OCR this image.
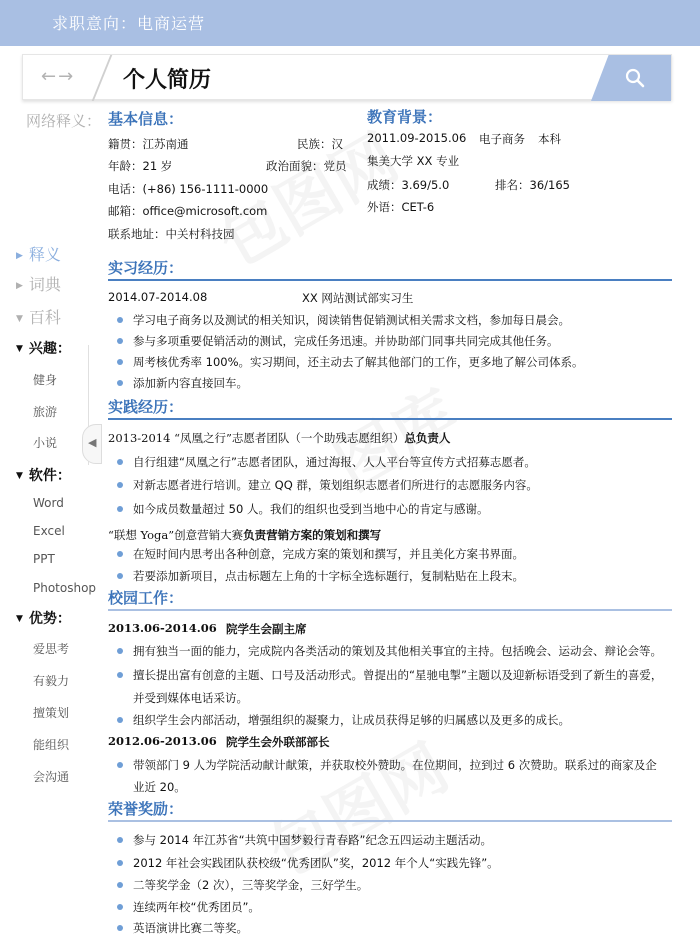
求职意向：电商运营
←→ 个人简历
网络释义：
▶ 释义
▶ 词典
▼ 百科
▼ 兴趣：
健身
旅游
小说
▼ 软件：
Word
Excel
PPT
Photoshop
▼ 优势：
爱思考
有毅力
擅策划
能组织
会沟通
◀
基本信息：
籍贯：江苏南通	民族：汉
年龄：21 岁	政治面貌：党员
电话：(+86) 156-1111-0000
邮箱：office@microsoft.com
联系地址：中关村科技园
教育背景：
2011.09-2015.06 电子商务 本科
集美大学 XX 专业
成绩：3.69/5.0	排名：36/165
外语：CET-6
实习经历：
2014.07-2014.08	XX 网站测试部实习生
学习电子商务以及测试的相关知识，阅读销售促销测试相关需求文档，参加每日晨会。
参与多项重要促销活动的测试，完成任务迅速。并协助部门同事共同完成其他任务。
周考核优秀率 100%。实习期间，还主动去了解其他部门的工作，更多地了解公司体系。
添加新内容直接回车。
实践经历：
2013-2014 “凤凰之行”志愿者团队（一个助残志愿组织）总负责人
自行组建“凤凰之行”志愿者团队，通过海报、人人平台等宣传方式招募志愿者。
对新志愿者进行培训。建立 QQ 群，策划组织志愿者们所进行的志愿服务内容。
如今成员数量超过 50 人。我们的组织也受到当地中心的肯定与感谢。
“联想 Yoga”创意营销大赛负责营销方案的策划和撰写
在短时间内思考出各种创意，完成方案的策划和撰写，并且美化方案书界面。
若要添加新项目，点击标题左上角的十字标全选标题行，复制粘贴在上段末。
校园工作：
2013.06-2014.06 院学生会副主席
拥有独当一面的能力，完成院内各类活动的策划及其他相关事宜的主持。包括晚会、运动会、辩论会等。
擅长提出富有创意的主题、口号及活动形式。曾提出的“星驰电掣”主题以及迎新标语受到了新生的喜爱，
并受到媒体电话采访。
组织学生会内部活动，增强组织的凝聚力，让成员获得足够的归属感以及更多的成长。
2012.06-2013.06 院学生会外联部部长
带领部门 9 人为学院活动献计献策，并获取校外赞助。在位期间，拉到过 6 次赞助。联系过的商家及企
业近 20。
荣誉奖励：
参与 2014 年江苏省“共筑中国梦毅行青春路”纪念五四运动主题活动。
2012 年社会实践团队获校级“优秀团队”奖，2012 年个人“实践先锋”。
二等奖学金（2 次），三等奖学金，三好学生。
连续两年校“优秀团员”。
英语演讲比赛二等奖。
